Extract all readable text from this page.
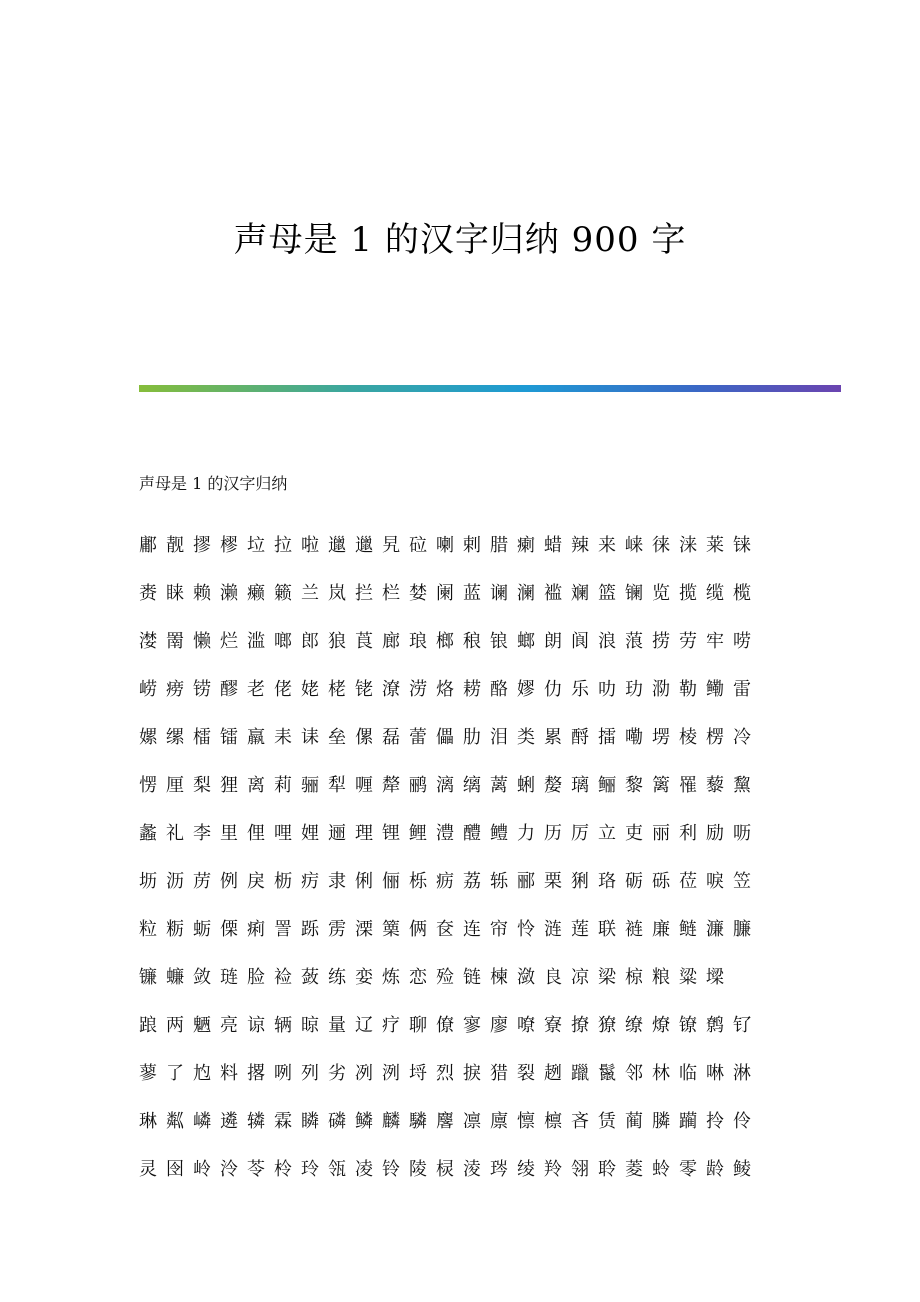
声母是 1 的汉字归纳 900 字
声母是 1 的汉字归纳
鄘 靓 摎 樛 垃 拉 啦 邋 邋 旯 砬 喇 剌 腊 瘌 蜡 辣 来 崃 徕 涞 莱 铼
赉 睐 赖 濑 癞 籁 兰 岚 拦 栏 婪 阑 蓝 谰 澜 褴 斓 篮 镧 览 揽 缆 榄
漤 罱 懒 烂 滥 啷 郎 狼 莨 廊 琅 榔 稂 锒 螂 朗 阆 浪 蒗 捞 劳 牢 唠
崂 痨 铹 醪 老 佬 姥 栳 铑 潦 涝 烙 耢 酪 嫪 仂 乐 叻 玏 泐 勒 鳓 雷
嫘 缧 檑 镭 羸 耒 诔 垒 傫 磊 蕾 儡 肋 泪 类 累 酹 擂 嘞 塄 棱 楞 冷
愣 厘 梨 狸 离 莉 骊 犁 喱 犛 鹂 漓 缡 蓠 蜊 嫠 璃 鲡 黎 篱 罹 藜 黧
蠡 礼 李 里 俚 哩 娌 逦 理 锂 鲤 澧 醴 鳢 力 历 厉 立 吏 丽 利 励 呖
坜 沥 苈 例 戾 枥 疠 隶 俐 俪 栎 疬 荔 轹 郦 栗 猁 珞 砺 砾 莅 唳 笠
粒 粝 蛎 傈 痢 詈 跞 雳 溧 篥 俩 奁 连 帘 怜 涟 莲 联 裢 廉 鲢 濂 臁
镰 蠊 敛 琏 脸 裣 蔹 练 娈 炼 恋 殓 链 楝 潋 良 凉 梁 椋 粮 粱 墚
踉 两 魉 亮 谅 辆 晾 量 辽 疗 聊 僚 寥 廖 嘹 寮 撩 獠 缭 燎 镣 鹩 钌
蓼 了 尥 料 撂 咧 列 劣 冽 洌 埒 烈 捩 猎 裂 趔 躐 鬣 邻 林 临 啉 淋
琳 粼 嶙 遴 辚 霖 瞵 磷 鳞 麟 驎 麐 凛 廪 懔 檩 吝 赁 蔺 膦 躏 拎 伶
灵 囹 岭 泠 苓 柃 玲 瓴 凌 铃 陵 棂 淩 琌 绫 羚 翎 聆 菱 蛉 零 龄 鲮
